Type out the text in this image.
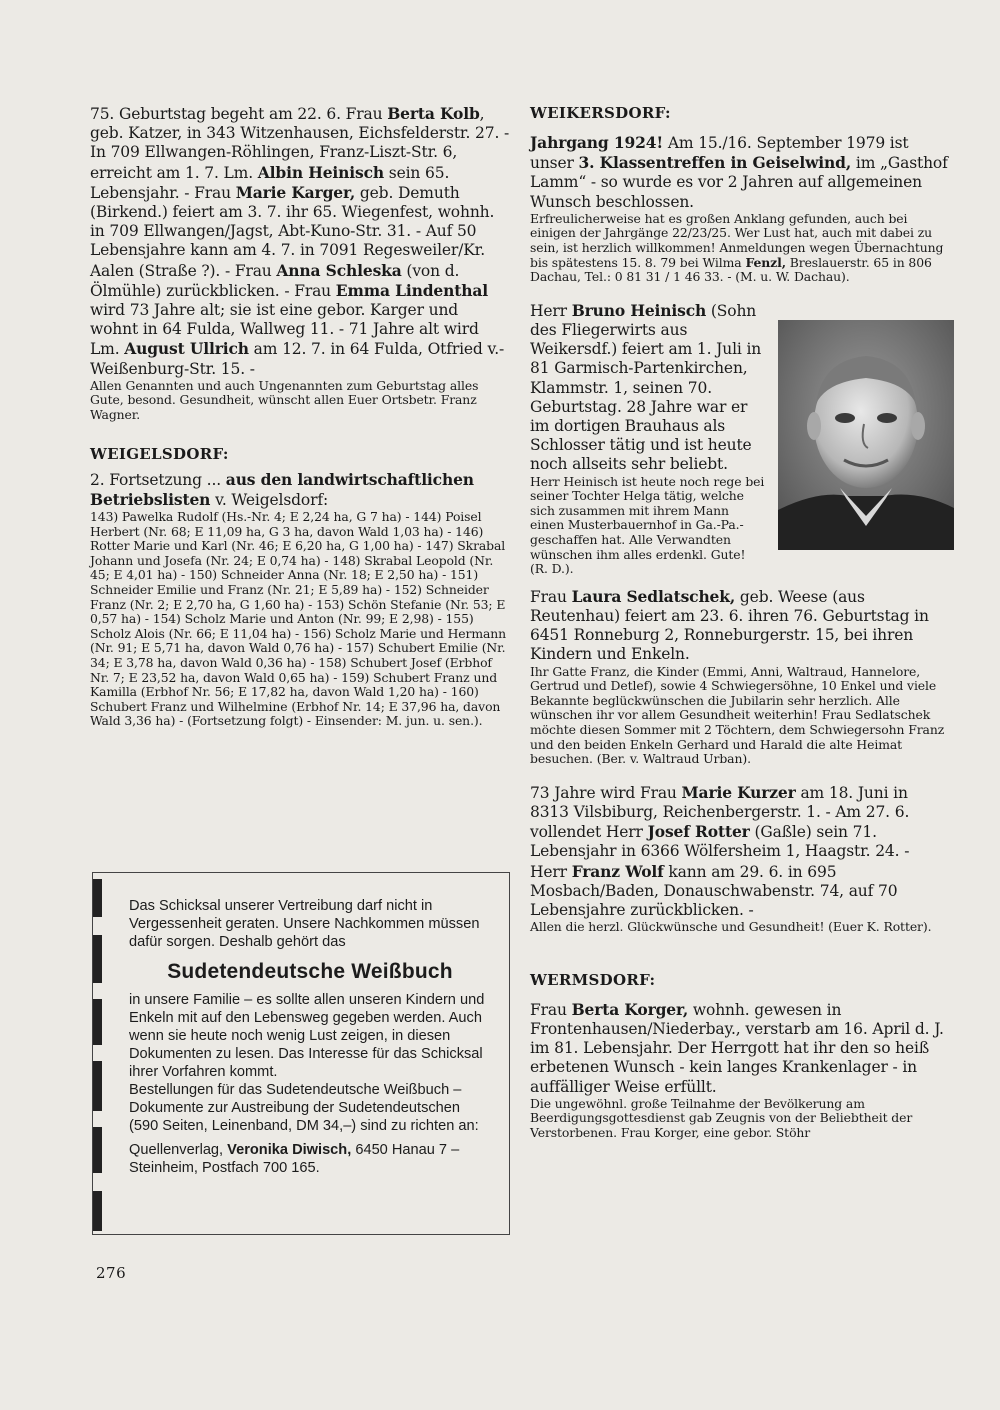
75. Geburtstag begeht am 22. 6. Frau Berta Kolb, geb. Katzer, in 343 Witzenhausen, Eichsfelderstr. 27. - In 709 Ellwangen-Röhlingen, Franz-Liszt-Str. 6, erreicht am 1. 7. Lm. Albin Heinisch sein 65. Lebensjahr. - Frau Marie Karger, geb. Demuth (Birkend.) feiert am 3. 7. ihr 65. Wiegenfest, wohnh. in 709 Ellwangen/Jagst, Abt-Kuno-Str. 31. - Auf 50 Lebensjahre kann am 4. 7. in 7091 Regesweiler/Kr. Aalen (Straße ?). - Frau Anna Schleska (von d. Ölmühle) zurückblicken. - Frau Emma Lindenthal wird 73 Jahre alt; sie ist eine gebor. Karger und wohnt in 64 Fulda, Wallweg 11. - 71 Jahre alt wird Lm. August Ullrich am 12. 7. in 64 Fulda, Otfried v.-Weißenburg-Str. 15. -

Allen Genannten und auch Ungenannten zum Geburtstag alles Gute, besond. Gesundheit, wünscht allen Euer Ortsbetr. Franz Wagner.

WEIGELSDORF:

2. Fortsetzung ... aus den landwirtschaftlichen Betriebslisten v. Weigelsdorf:

143) Pawelka Rudolf (Hs.-Nr. 4; E 2,24 ha, G 7 ha) - 144) Poisel Herbert (Nr. 68; E 11,09 ha, G 3 ha, davon Wald 1,03 ha) - 146) Rotter Marie und Karl (Nr. 46; E 6,20 ha, G 1,00 ha) - 147) Skrabal Johann und Josefa (Nr. 24; E 0,74 ha) - 148) Skrabal Leopold (Nr. 45; E 4,01 ha) - 150) Schneider Anna (Nr. 18; E 2,50 ha) - 151) Schneider Emilie und Franz (Nr. 21; E 5,89 ha) - 152) Schneider Franz (Nr. 2; E 2,70 ha, G 1,60 ha) - 153) Schön Stefanie (Nr. 53; E 0,57 ha) - 154) Scholz Marie und Anton (Nr. 99; E 2,98) - 155) Scholz Alois (Nr. 66; E 11,04 ha) - 156) Scholz Marie und Hermann (Nr. 91; E 5,71 ha, davon Wald 0,76 ha) - 157) Schubert Emilie (Nr. 34; E 3,78 ha, davon Wald 0,36 ha) - 158) Schubert Josef (Erbhof Nr. 7; E 23,52 ha, davon Wald 0,65 ha) - 159) Schubert Franz und Kamilla (Erbhof Nr. 56; E 17,82 ha, davon Wald 1,20 ha) - 160) Schubert Franz und Wilhelmine (Erbhof Nr. 14; E 37,96 ha, davon Wald 3,36 ha) - (Fortsetzung folgt) - Einsender: M. jun. u. sen.).

Das Schicksal unserer Vertreibung darf nicht in Vergessenheit geraten. Unsere Nachkommen müssen dafür sorgen. Deshalb gehört das

Sudetendeutsche Weißbuch

in unsere Familie – es sollte allen unseren Kindern und Enkeln mit auf den Lebensweg gegeben werden. Auch wenn sie heute noch wenig Lust zeigen, in diesen Dokumenten zu lesen. Das Interesse für das Schicksal ihrer Vorfahren kommt.

Bestellungen für das Sudetendeutsche Weißbuch – Dokumente zur Austreibung der Sudetendeutschen (590 Seiten, Leinenband, DM 34,–) sind zu richten an:

Quellenverlag, Veronika Diwisch, 6450 Hanau 7 – Steinheim, Postfach 700 165.

WEIKERSDORF:

Jahrgang 1924! Am 15./16. September 1979 ist unser 3. Klassentreffen in Geiselwind, im „Gasthof Lamm“ - so wurde es vor 2 Jahren auf allgemeinen Wunsch beschlossen.

Erfreulicherweise hat es großen Anklang gefunden, auch bei einigen der Jahrgänge 22/23/25. Wer Lust hat, auch mit dabei zu sein, ist herzlich willkommen! Anmeldungen wegen Übernachtung bis spätestens 15. 8. 79 bei Wilma Fenzl, Breslauerstr. 65 in 806 Dachau, Tel.: 0 81 31 / 1 46 33. - (M. u. W. Dachau).

Herr Bruno Heinisch (Sohn des Fliegerwirts aus Weikersdf.) feiert am 1. Juli in 81 Garmisch-Partenkirchen, Klammstr. 1, seinen 70. Geburtstag. 28 Jahre war er im dortigen Brauhaus als Schlosser tätig und ist heute noch allseits sehr beliebt.

Herr Heinisch ist heute noch rege bei seiner Tochter Helga tätig, welche sich zusammen mit ihrem Mann einen Musterbauernhof in Ga.-Pa.-geschaffen hat. Alle Verwandten wünschen ihm alles erdenkl. Gute! (R. D.).

Frau Laura Sedlatschek, geb. Weese (aus Reutenhau) feiert am 23. 6. ihren 76. Geburtstag in 6451 Ronneburg 2, Ronneburgerstr. 15, bei ihren Kindern und Enkeln.

Ihr Gatte Franz, die Kinder (Emmi, Anni, Waltraud, Hannelore, Gertrud und Detlef), sowie 4 Schwiegersöhne, 10 Enkel und viele Bekannte beglückwünschen die Jubilarin sehr herzlich. Alle wünschen ihr vor allem Gesundheit weiterhin! Frau Sedlatschek möchte diesen Sommer mit 2 Töchtern, dem Schwiegersohn Franz und den beiden Enkeln Gerhard und Harald die alte Heimat besuchen. (Ber. v. Waltraud Urban).

73 Jahre wird Frau Marie Kurzer am 18. Juni in 8313 Vilsbiburg, Reichenbergerstr. 1. - Am 27. 6. vollendet Herr Josef Rotter (Gaßle) sein 71. Lebensjahr in 6366 Wölfersheim 1, Haagstr. 24. - Herr Franz Wolf kann am 29. 6. in 695 Mosbach/Baden, Donauschwabenstr. 74, auf 70 Lebensjahre zurückblicken. -

Allen die herzl. Glückwünsche und Gesundheit! (Euer K. Rotter).

WERMSDORF:

Frau Berta Korger, wohnh. gewesen in Frontenhausen/Niederbay., verstarb am 16. April d. J. im 81. Lebensjahr. Der Herrgott hat ihr den so heiß erbetenen Wunsch - kein langes Krankenlager - in auffälliger Weise erfüllt.

Die ungewöhnl. große Teilnahme der Bevölkerung am Beerdigungsgottesdienst gab Zeugnis von der Beliebtheit der Verstorbenen. Frau Korger, eine gebor. Stöhr

276
